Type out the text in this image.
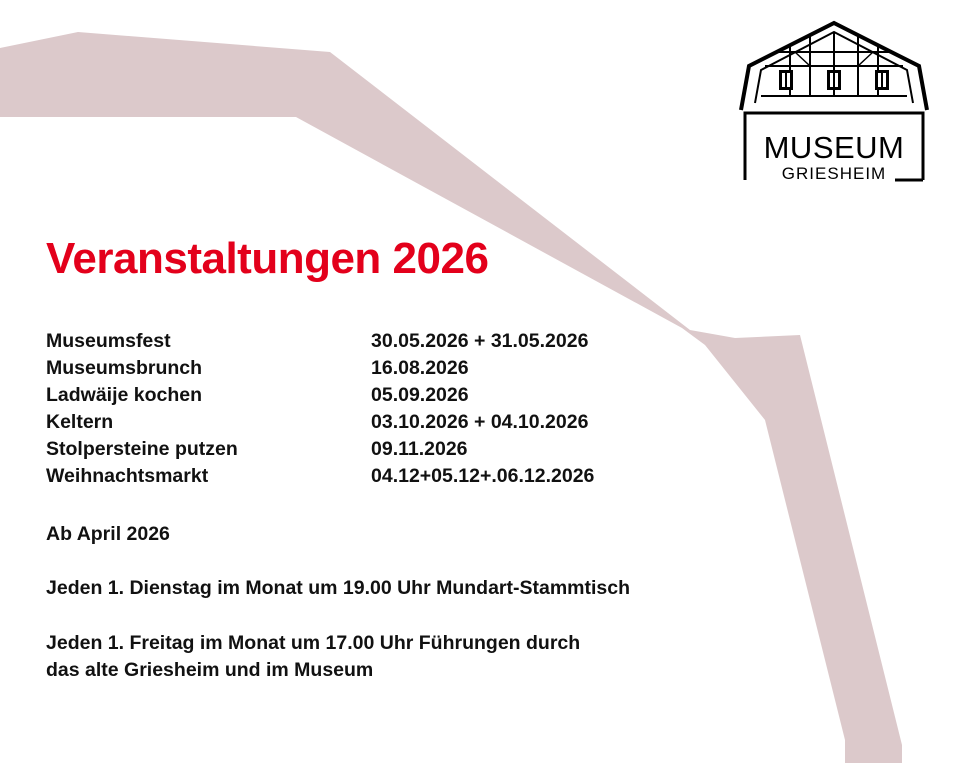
MUSEUM
GRIESHEIM
Veranstaltungen 2026
Museumsfest	30.05.2026 + 31.05.2026
Museumsbrunch	16.08.2026
Ladwäije kochen	05.09.2026
Keltern	03.10.2026 + 04.10.2026
Stolpersteine putzen	09.11.2026
Weihnachtsmarkt	04.12+05.12+.06.12.2026
Ab April 2026
Jeden 1. Dienstag im Monat um 19.00 Uhr Mundart-Stammtisch
Jeden 1. Freitag im Monat um 17.00 Uhr Führungen durch
das alte Griesheim und im Museum
